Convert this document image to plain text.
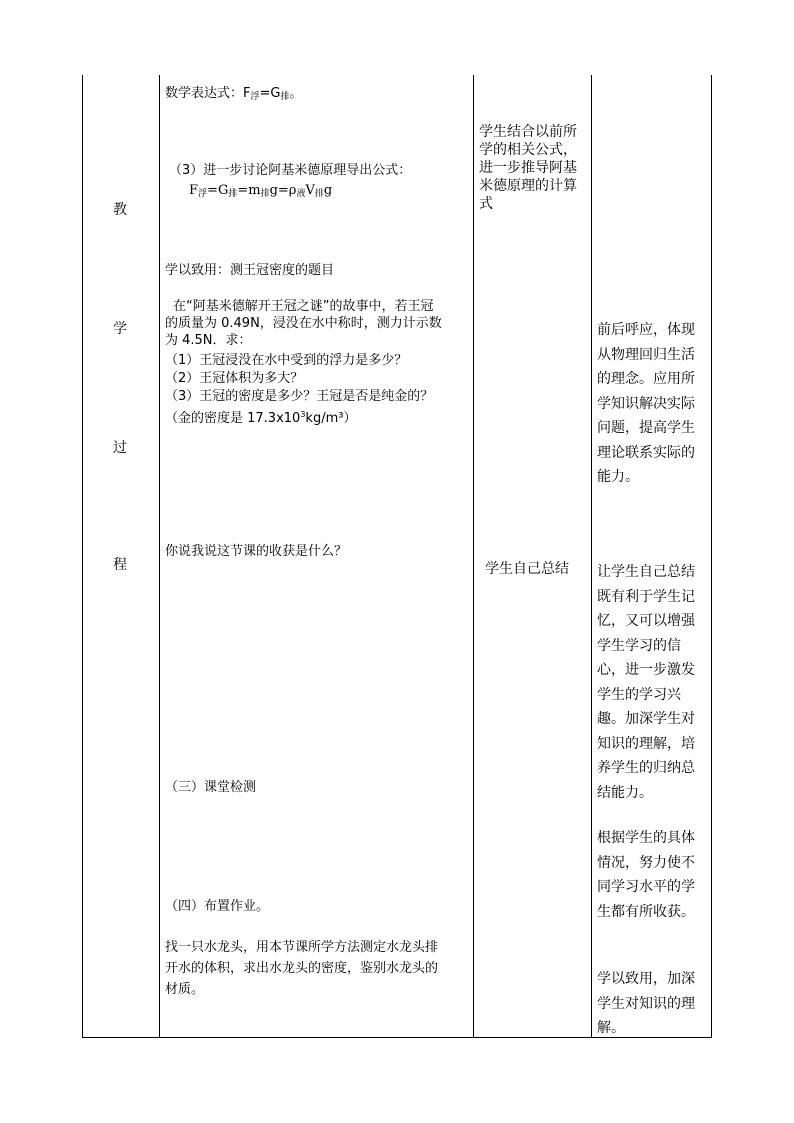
教
学
过
程
数学表达式：$F_浮=G_排$。
（3）进一步讨论阿基米德原理导出公式：
$F_浮=G_排=m_排g=\rho_液V_排g$
学以致用：测王冠密度的题目
在“阿基米德解开王冠之谜”的故事中，若王冠
的质量为 0.49N，浸没在水中称时，测力计示数
为 4.5N．求：
（1）王冠浸没在水中受到的浮力是多少？
（2）王冠体积为多大？
（3）王冠的密度是多少？王冠是否是纯金的？
（金的密度是 $17.3x10^3kg/m^3$）
你说我说这节课的收获是什么？
（三）课堂检测
（四）布置作业。
找一只水龙头，用本节课所学方法测定水龙头排
开水的体积，求出水龙头的密度，鉴别水龙头的
材质。
学生结合以前所
学的相关公式，
进一步推导阿基
米德原理的计算
式
学生自己总结
前后呼应，体现
从物理回归生活
的理念。应用所
学知识解决实际
问题，提高学生
理论联系实际的
能力。
让学生自己总结
既有利于学生记
忆，又可以增强
学生学习的信
心，进一步激发
学生的学习兴
趣。加深学生对
知识的理解，培
养学生的归纳总
结能力。
根据学生的具体
情况，努力使不
同学习水平的学
生都有所收获。
学以致用，加深
学生对知识的理
解。
